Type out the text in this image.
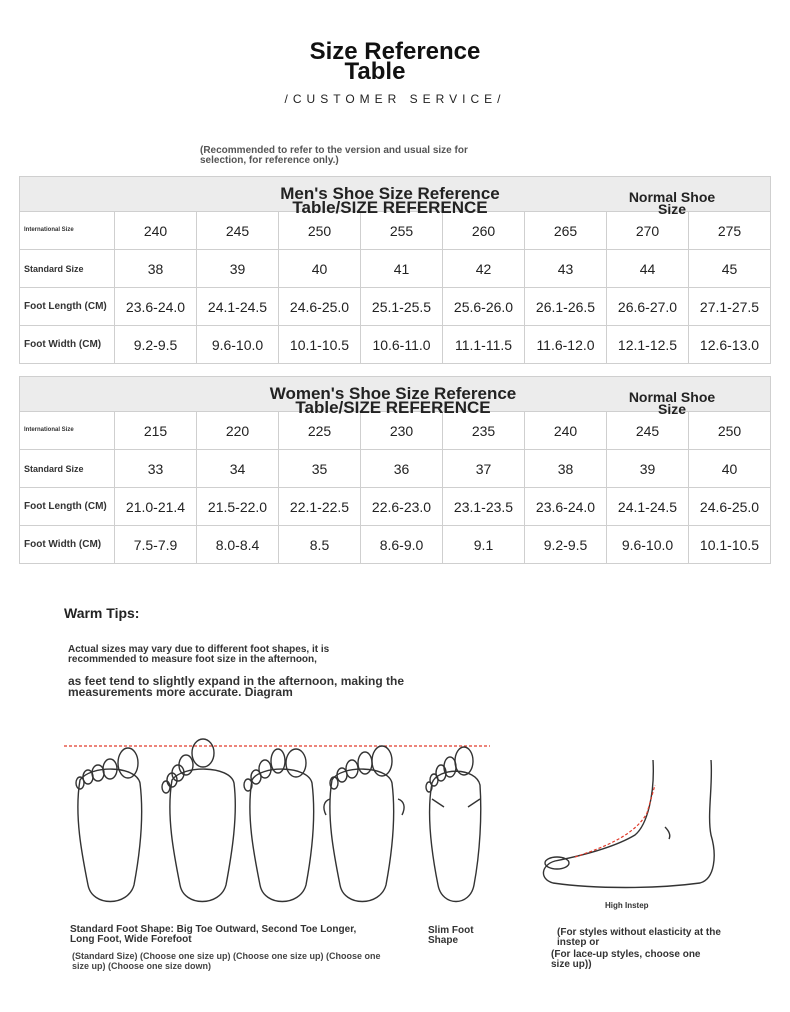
Size Reference
Table
/CUSTOMER SERVICE/
(Recommended to refer to the version and usual size for selection, for reference only.)
Men's Shoe Size Reference Table/SIZE REFERENCE
Normal Shoe Size								

International Size	240	245	250	255	260	265	270	275
Standard Size	38	39	40	41	42	43	44	45
Foot Length (CM)	23.6-24.0	24.1-24.5	24.6-25.0	25.1-25.5	25.6-26.0	26.1-26.5	26.6-27.0	27.1-27.5
Foot Width (CM)	9.2-9.5	9.6-10.0	10.1-10.5	10.6-11.0	11.1-11.5	11.6-12.0	12.1-12.5	12.6-13.0
Women's Shoe Size Reference Table/SIZE REFERENCE
Normal Shoe Size								

International Size	215	220	225	230	235	240	245	250
Standard Size	33	34	35	36	37	38	39	40
Foot Length (CM)	21.0-21.4	21.5-22.0	22.1-22.5	22.6-23.0	23.1-23.5	23.6-24.0	24.1-24.5	24.6-25.0
Foot Width (CM)	7.5-7.9	8.0-8.4	8.5	8.6-9.0	9.1	9.2-9.5	9.6-10.0	10.1-10.5
Warm Tips:
Actual sizes may vary due to different foot shapes, it is recommended to measure foot size in the afternoon,
as feet tend to slightly expand in the afternoon, making the measurements more accurate. Diagram
Standard Foot Shape: Big Toe Outward, Second Toe Longer, Long Foot, Wide Forefoot
(Standard Size) (Choose one size up) (Choose one size up) (Choose one size up) (Choose one size down)
Slim Foot Shape
High Instep
(For styles without elasticity at the instep or
(For lace-up styles, choose one size up))
